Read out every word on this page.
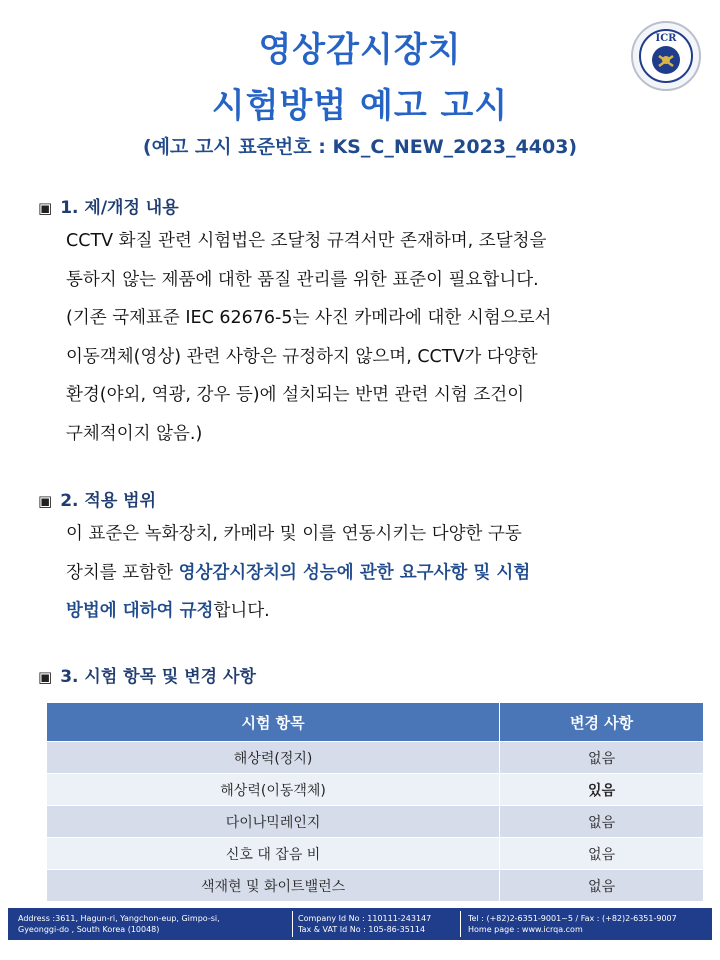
영상감시장치
시험방법 예고 고시
(예고 고시 표준번호 : KS_C_NEW_2023_4403)
ICR
▣ 1. 제/개정 내용
CCTV 화질 관련 시험법은 조달청 규격서만 존재하며, 조달청을
통하지 않는 제품에 대한 품질 관리를 위한 표준이 필요합니다.
(기존 국제표준 IEC 62676-5는 사진 카메라에 대한 시험으로서
이동객체(영상) 관련 사항은 규정하지 않으며, CCTV가 다양한
환경(야외, 역광, 강우 등)에 설치되는 반면 관련 시험 조건이
구체적이지 않음.)
▣ 2. 적용 범위
이 표준은 녹화장치, 카메라 및 이를 연동시키는 다양한 구동
장치를 포함한 영상감시장치의 성능에 관한 요구사항 및 시험
방법에 대하여 규정합니다.
▣ 3. 시험 항목 및 변경 사항
시험 항목	변경 사항
해상력(정지)	없음
해상력(이동객체)	있음
다이나믹레인지	없음
신호 대 잡음 비	없음
색재현 및 화이트밸런스	없음
Address :3611, Hagun-ri, Yangchon-eup, Gimpo-si,
Gyeonggi-do , South Korea (10048)
Company Id No : 110111-243147
Tax & VAT Id No : 105-86-35114
Tel : (+82)2-6351-9001~5 / Fax : (+82)2-6351-9007
Home page : www.icrqa.com
